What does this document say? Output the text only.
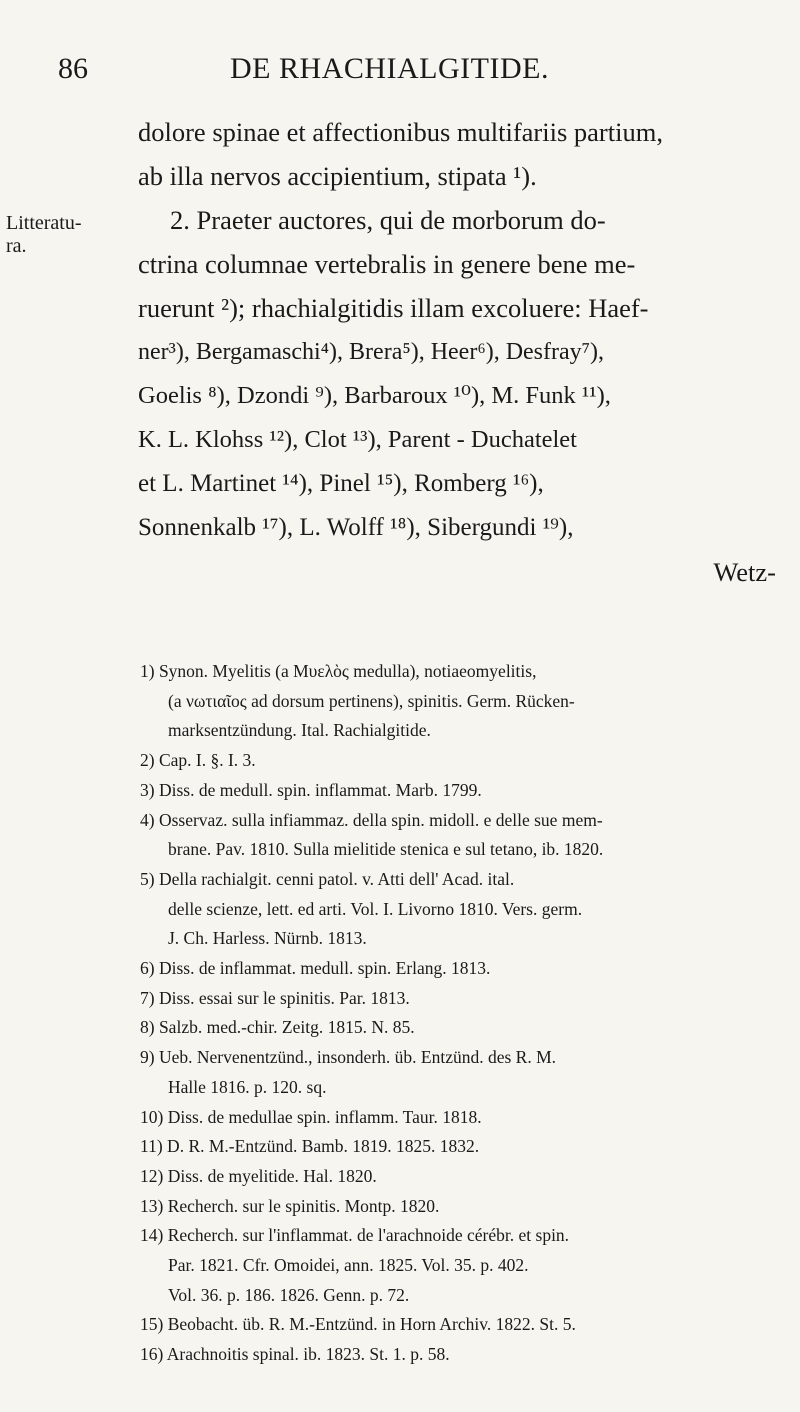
86	DE RHACHIALGITIDE.
Litteratu-
ra.
dolore spinae et affectionibus multifariis partium,
ab illa nervos accipientium, stipata ¹).
2. Praeter auctores, qui de morborum do-
ctrina columnae vertebralis in genere bene me-
ruerunt ²); rhachialgitidis illam excoluere: Haef-
ner³), Bergamaschi⁴), Brera⁵), Heer⁶), Desfray⁷),
Goelis ⁸), Dzondi ⁹), Barbaroux ¹⁰), M. Funk ¹¹),
K. L. Klohss ¹²), Clot ¹³), Parent - Duchatelet
et L. Martinet ¹⁴), Pinel ¹⁵), Romberg ¹⁶),
Sonnenkalb ¹⁷), L. Wolff ¹⁸), Sibergundi ¹⁹),
Wetz-
1) Synon. Myelitis (a Μυελὸς medulla), notiaeomyelitis,
(a νωτιαῖος ad dorsum pertinens), spinitis. Germ. Rücken-
marksentzündung. Ital. Rachialgitide.
2) Cap. I. §. I. 3.
3) Diss. de medull. spin. inflammat. Marb. 1799.
4) Osservaz. sulla infiammaz. della spin. midoll. e delle sue mem-
brane. Pav. 1810. Sulla mielitide stenica e sul tetano, ib. 1820.
5) Della rachialgit. cenni patol. v. Atti dell' Acad. ital.
delle scienze, lett. ed arti. Vol. I. Livorno 1810. Vers. germ.
J. Ch. Harless. Nürnb. 1813.
6) Diss. de inflammat. medull. spin. Erlang. 1813.
7) Diss. essai sur le spinitis. Par. 1813.
8) Salzb. med.-chir. Zeitg. 1815. N. 85.
9) Ueb. Nervenentzünd., insonderh. üb. Entzünd. des R. M.
Halle 1816. p. 120. sq.
10) Diss. de medullae spin. inflamm. Taur. 1818.
11) D. R. M.-Entzünd. Bamb. 1819. 1825. 1832.
12) Diss. de myelitide. Hal. 1820.
13) Recherch. sur le spinitis. Montp. 1820.
14) Recherch. sur l'inflammat. de l'arachnoide cérébr. et spin.
Par. 1821. Cfr. Omoidei, ann. 1825. Vol. 35. p. 402.
Vol. 36. p. 186. 1826. Genn. p. 72.
15) Beobacht. üb. R. M.-Entzünd. in Horn Archiv. 1822. St. 5.
16) Arachnoitis spinal. ib. 1823. St. 1. p. 58.
